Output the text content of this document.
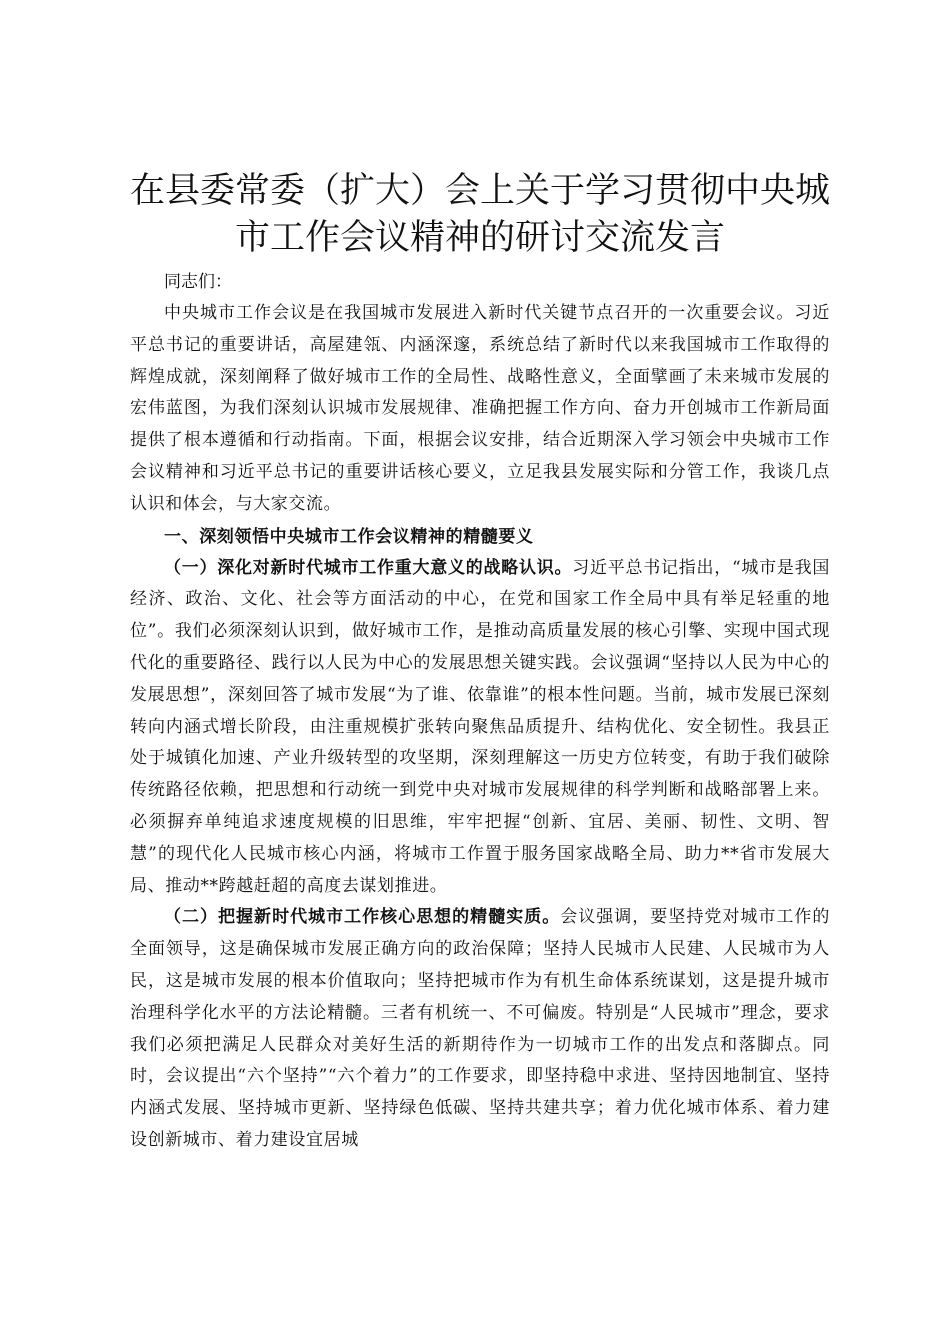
在县委常委（扩大）会上关于学习贯彻中央城
市工作会议精神的研讨交流发言

同志们：

中央城市工作会议是在我国城市发展进入新时代关键节点召开的一次重要会议。习近平总书记的重要讲话，高屋建瓴、内涵深邃，系统总结了新时代以来我国城市工作取得的辉煌成就，深刻阐释了做好城市工作的全局性、战略性意义，全面擘画了未来城市发展的宏伟蓝图，为我们深刻认识城市发展规律、准确把握工作方向、奋力开创城市工作新局面提供了根本遵循和行动指南。下面，根据会议安排，结合近期深入学习领会中央城市工作会议精神和习近平总书记的重要讲话核心要义，立足我县发展实际和分管工作，我谈几点认识和体会，与大家交流。

一、深刻领悟中央城市工作会议精神的精髓要义

（一）深化对新时代城市工作重大意义的战略认识。习近平总书记指出，“城市是我国经济、政治、文化、社会等方面活动的中心，在党和国家工作全局中具有举足轻重的地位”。我们必须深刻认识到，做好城市工作，是推动高质量发展的核心引擎、实现中国式现代化的重要路径、践行以人民为中心的发展思想关键实践。会议强调“坚持以人民为中心的发展思想”，深刻回答了城市发展“为了谁、依靠谁”的根本性问题。当前，城市发展已深刻转向内涵式增长阶段，由注重规模扩张转向聚焦品质提升、结构优化、安全韧性。我县正处于城镇化加速、产业升级转型的攻坚期，深刻理解这一历史方位转变，有助于我们破除传统路径依赖，把思想和行动统一到党中央对城市发展规律的科学判断和战略部署上来。必须摒弃单纯追求速度规模的旧思维，牢牢把握“创新、宜居、美丽、韧性、文明、智慧”的现代化人民城市核心内涵，将城市工作置于服务国家战略全局、助力**省市发展大局、推动**跨越赶超的高度去谋划推进。

（二）把握新时代城市工作核心思想的精髓实质。会议强调，要坚持党对城市工作的全面领导，这是确保城市发展正确方向的政治保障；坚持人民城市人民建、人民城市为人民，这是城市发展的根本价值取向；坚持把城市作为有机生命体系统谋划，这是提升城市治理科学化水平的方法论精髓。三者有机统一、不可偏废。特别是“人民城市”理念，要求我们必须把满足人民群众对美好生活的新期待作为一切城市工作的出发点和落脚点。同时，会议提出“六个坚持”“六个着力”的工作要求，即坚持稳中求进、坚持因地制宜、坚持内涵式发展、坚持城市更新、坚持绿色低碳、坚持共建共享；着力优化城市体系、着力建设创新城市、着力建设宜居城
